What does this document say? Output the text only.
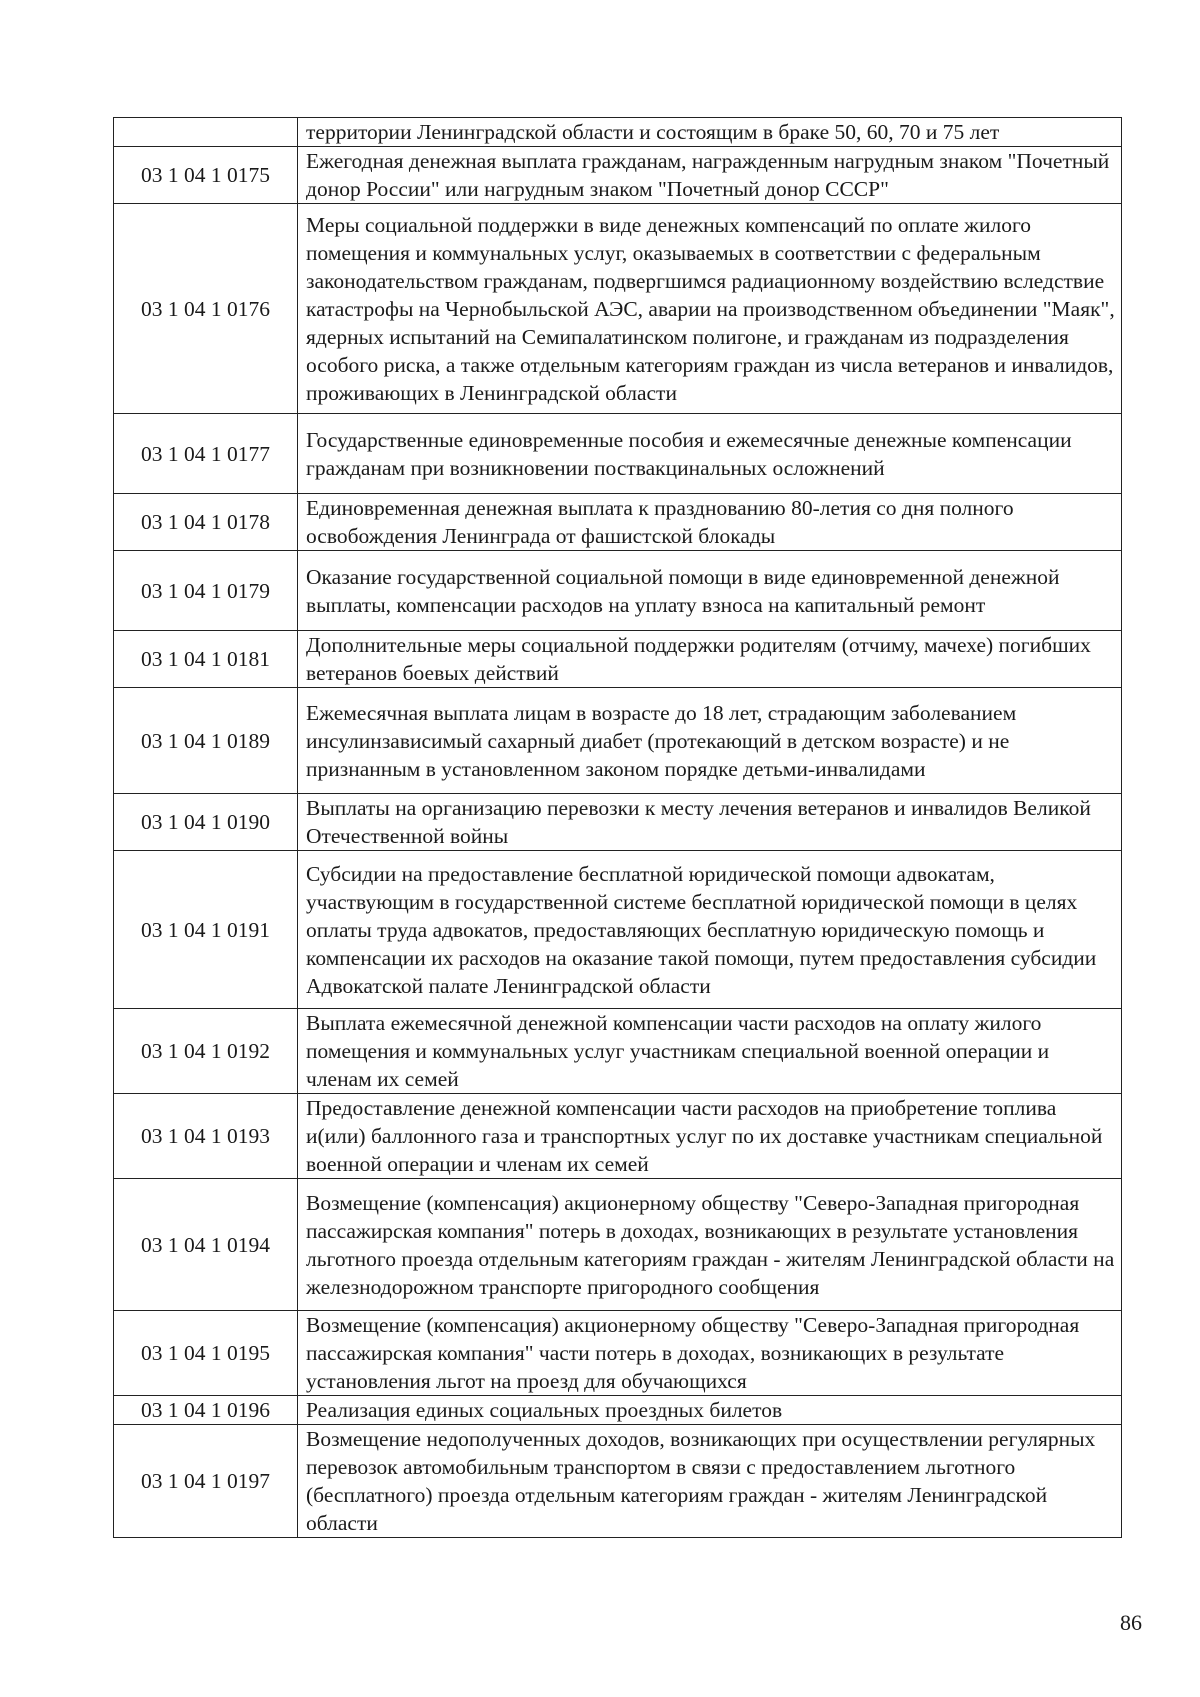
	территории Ленинградской области и состоящим в браке 50, 60, 70 и 75 лет
03 1 04 1 0175	Ежегодная денежная выплата гражданам, награжденным нагрудным знаком "Почетный донор России" или нагрудным знаком "Почетный донор СССР"
03 1 04 1 0176	Меры социальной поддержки в виде денежных компенсаций по оплате жилого помещения и коммунальных услуг, оказываемых в соответствии с федеральным законодательством гражданам, подвергшимся радиационному воздействию вследствие катастрофы на Чернобыльской АЭС, аварии на производственном объединении "Маяк", ядерных испытаний на Семипалатинском полигоне, и гражданам из подразделения особого риска, а также отдельным категориям граждан из числа ветеранов и инвалидов, проживающих в Ленинградской области
03 1 04 1 0177	Государственные единовременные пособия и ежемесячные денежные компенсации гражданам при возникновении поствакцинальных осложнений
03 1 04 1 0178	Единовременная денежная выплата к празднованию 80-летия со дня полного освобождения Ленинграда от фашистской блокады
03 1 04 1 0179	Оказание государственной социальной помощи в виде единовременной денежной выплаты, компенсации расходов на уплату взноса на капитальный ремонт
03 1 04 1 0181	Дополнительные меры социальной поддержки родителям (отчиму, мачехе) погибших ветеранов боевых действий
03 1 04 1 0189	Ежемесячная выплата лицам в возрасте до 18 лет, страдающим заболеванием инсулинзависимый сахарный диабет (протекающий в детском возрасте) и не признанным в установленном законом порядке детьми-инвалидами
03 1 04 1 0190	Выплаты на организацию перевозки к месту лечения ветеранов и инвалидов Великой Отечественной войны
03 1 04 1 0191	Субсидии на предоставление бесплатной юридической помощи адвокатам, участвующим в государственной системе бесплатной юридической помощи в целях оплаты труда адвокатов, предоставляющих бесплатную юридическую помощь и компенсации их расходов на оказание такой помощи, путем предоставления субсидии Адвокатской палате Ленинградской области
03 1 04 1 0192	Выплата ежемесячной денежной компенсации части расходов на оплату жилого помещения и коммунальных услуг участникам специальной военной операции и членам их семей
03 1 04 1 0193	Предоставление денежной компенсации части расходов на приобретение топлива и(или) баллонного газа и транспортных услуг по их доставке участникам специальной военной операции и членам их семей
03 1 04 1 0194	Возмещение (компенсация) акционерному обществу "Северо-Западная пригородная пассажирская компания" потерь в доходах, возникающих в результате установления льготного проезда отдельным категориям граждан - жителям Ленинградской области на железнодорожном транспорте пригородного сообщения
03 1 04 1 0195	Возмещение (компенсация) акционерному обществу "Северо-Западная пригородная пассажирская компания" части потерь в доходах, возникающих в результате установления льгот на проезд для обучающихся
03 1 04 1 0196	Реализация единых социальных проездных билетов
03 1 04 1 0197	Возмещение недополученных доходов, возникающих при осуществлении регулярных перевозок автомобильным транспортом в связи с предоставлением льготного (бесплатного) проезда отдельным категориям граждан - жителям Ленинградской области
86
